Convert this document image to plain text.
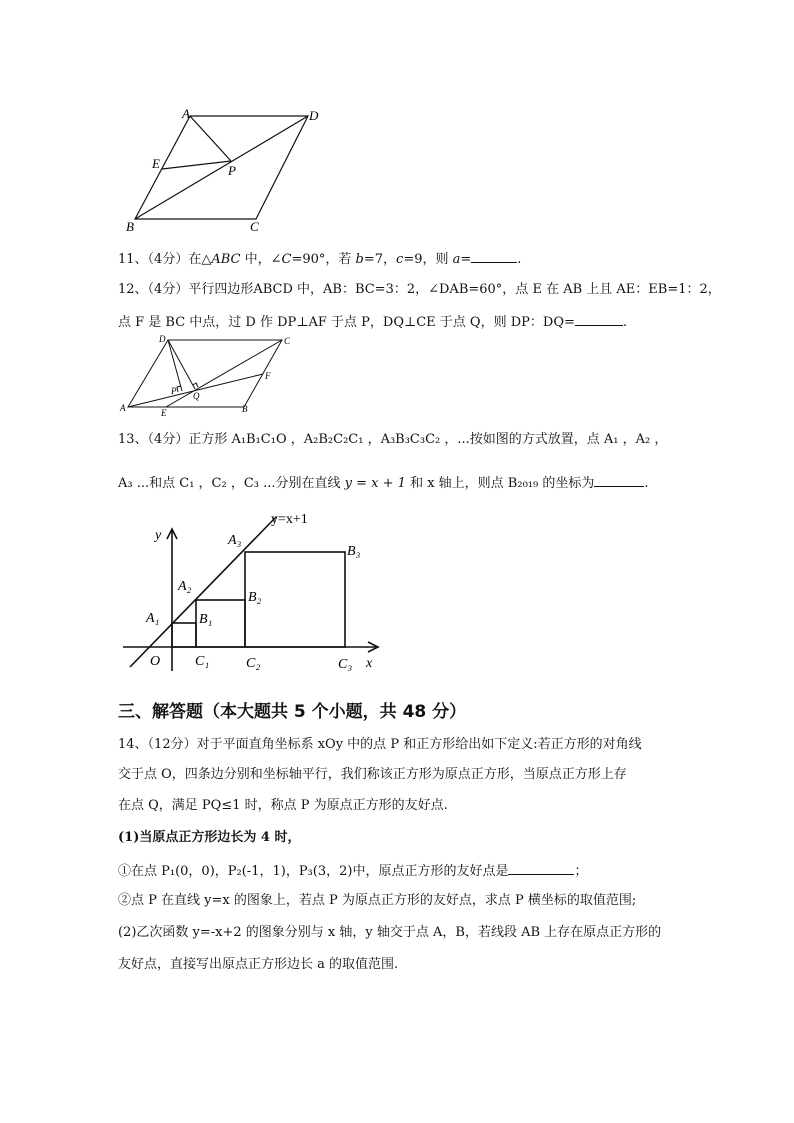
A	D
E	P
B	C
11、（4分）在△ABC 中，∠C=90°，若 b=7，c=9，则 a=	.
12、（4分）平行四边形ABCD 中，AB：BC=3：2，∠DAB=60°，点 E 在 AB 上且 AE：EB=1：2，
点 F 是 BC 中点，过 D 作 DP⊥AF 于点 P，DQ⊥CE 于点 Q，则 DP：DQ=	.
D	C
P Q
F
A	E	B
13、（4分）正方形 A₁B₁C₁O ，A₂B₂C₂C₁ ，A₃B₃C₃C₂ ，...按如图的方式放置，点 A₁ ，A₂ ，
A₃ ...和点 C₁ ，C₂ ，C₃ ...分别在直线 y = x + 1 和 x 轴上，则点 B₂₀₁₉ 的坐标为	.
y=x+1
y
x
O
A₁
A₂
A₃
B₁
B₂
B₃
C₁	C₂	C₃
三、解答题（本大题共 5 个小题，共 48 分）
14、（12分）对于平面直角坐标系 xOy 中的点 P 和正方形给出如下定义:若正方形的对角线
交于点 O，四条边分别和坐标轴平行，我们称该正方形为原点正方形，当原点正方形上存
在点 Q，满足 PQ≤1 时，称点 P 为原点正方形的友好点.
(1)当原点正方形边长为 4 时，
①在点 P₁(0，0)，P₂(-1，1)，P₃(3，2)中，原点正方形的友好点是	；
②点 P 在直线 y=x 的图象上，若点 P 为原点正方形的友好点，求点 P 横坐标的取值范围;
(2)乙次函数 y=-x+2 的图象分别与 x 轴，y 轴交于点 A，B，若线段 AB 上存在原点正方形的
友好点，直接写出原点正方形边长 a 的取值范围.
